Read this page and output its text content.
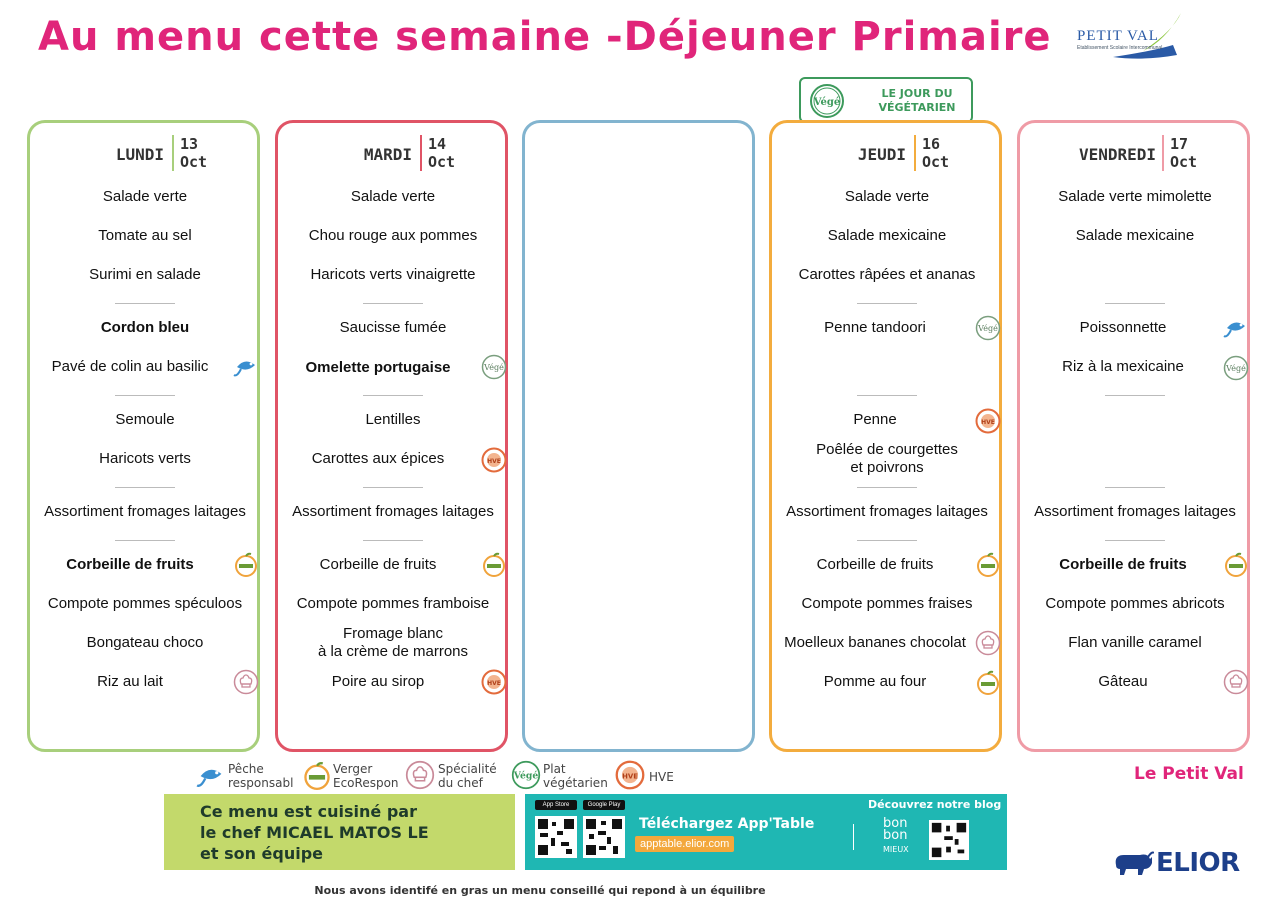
Au menu cette semaine -Déjeuner Primaire PETIT VAL
Etablissement Scolaire Intercommunal
Végé
LE JOUR DU
VÉGÉTARIEN
LUNDI
13
Oct
Salade verte
Tomate au sel
Surimi en salade
Cordon bleu
Pavé de colin au basilic
Semoule
Haricots verts
Assortiment fromages laitages
Corbeille de fruits
Compote pommes spéculoos
Bongateau choco
Riz au lait
MARDI
14
Oct
Salade verte
Chou rouge aux pommes
Haricots verts vinaigrette
Saucisse fumée
Omelette portugaise	Végé
Lentilles
Carottes aux épices	HVE
Assortiment fromages laitages
Corbeille de fruits
Compote pommes framboise
Fromage blanc
à la crème de marrons
Poire au sirop	HVE
JEUDI
16
Oct
Salade verte
Salade mexicaine
Carottes râpées et ananas
Penne tandoori	Végé
Penne	HVE
Poêlée de courgettes
et poivrons
Assortiment fromages laitages
Corbeille de fruits
Compote pommes fraises
Moelleux bananes chocolat
Pomme au four
VENDREDI
17
Oct
Salade verte mimolette
Salade mexicaine
Poissonnette
Riz à la mexicaine	Végé
Assortiment fromages laitages
Corbeille de fruits
Compote pommes abricots
Flan vanille caramel
Gâteau
Pêche
responsabl
Verger
EcoRespon
Spécialité
du chef
Végé Plat
végétarien HVE HVE	Le Petit Val
Ce menu est cuisiné par
le chef MICAEL MATOS LE
et son équipe
App Store	Google Play
Téléchargez App'Table
apptable.elior.com
Découvrez notre blog
bon bon
MIEUX	ELIOR
Nous avons identifé en gras un menu conseillé qui repond à un équilibre
